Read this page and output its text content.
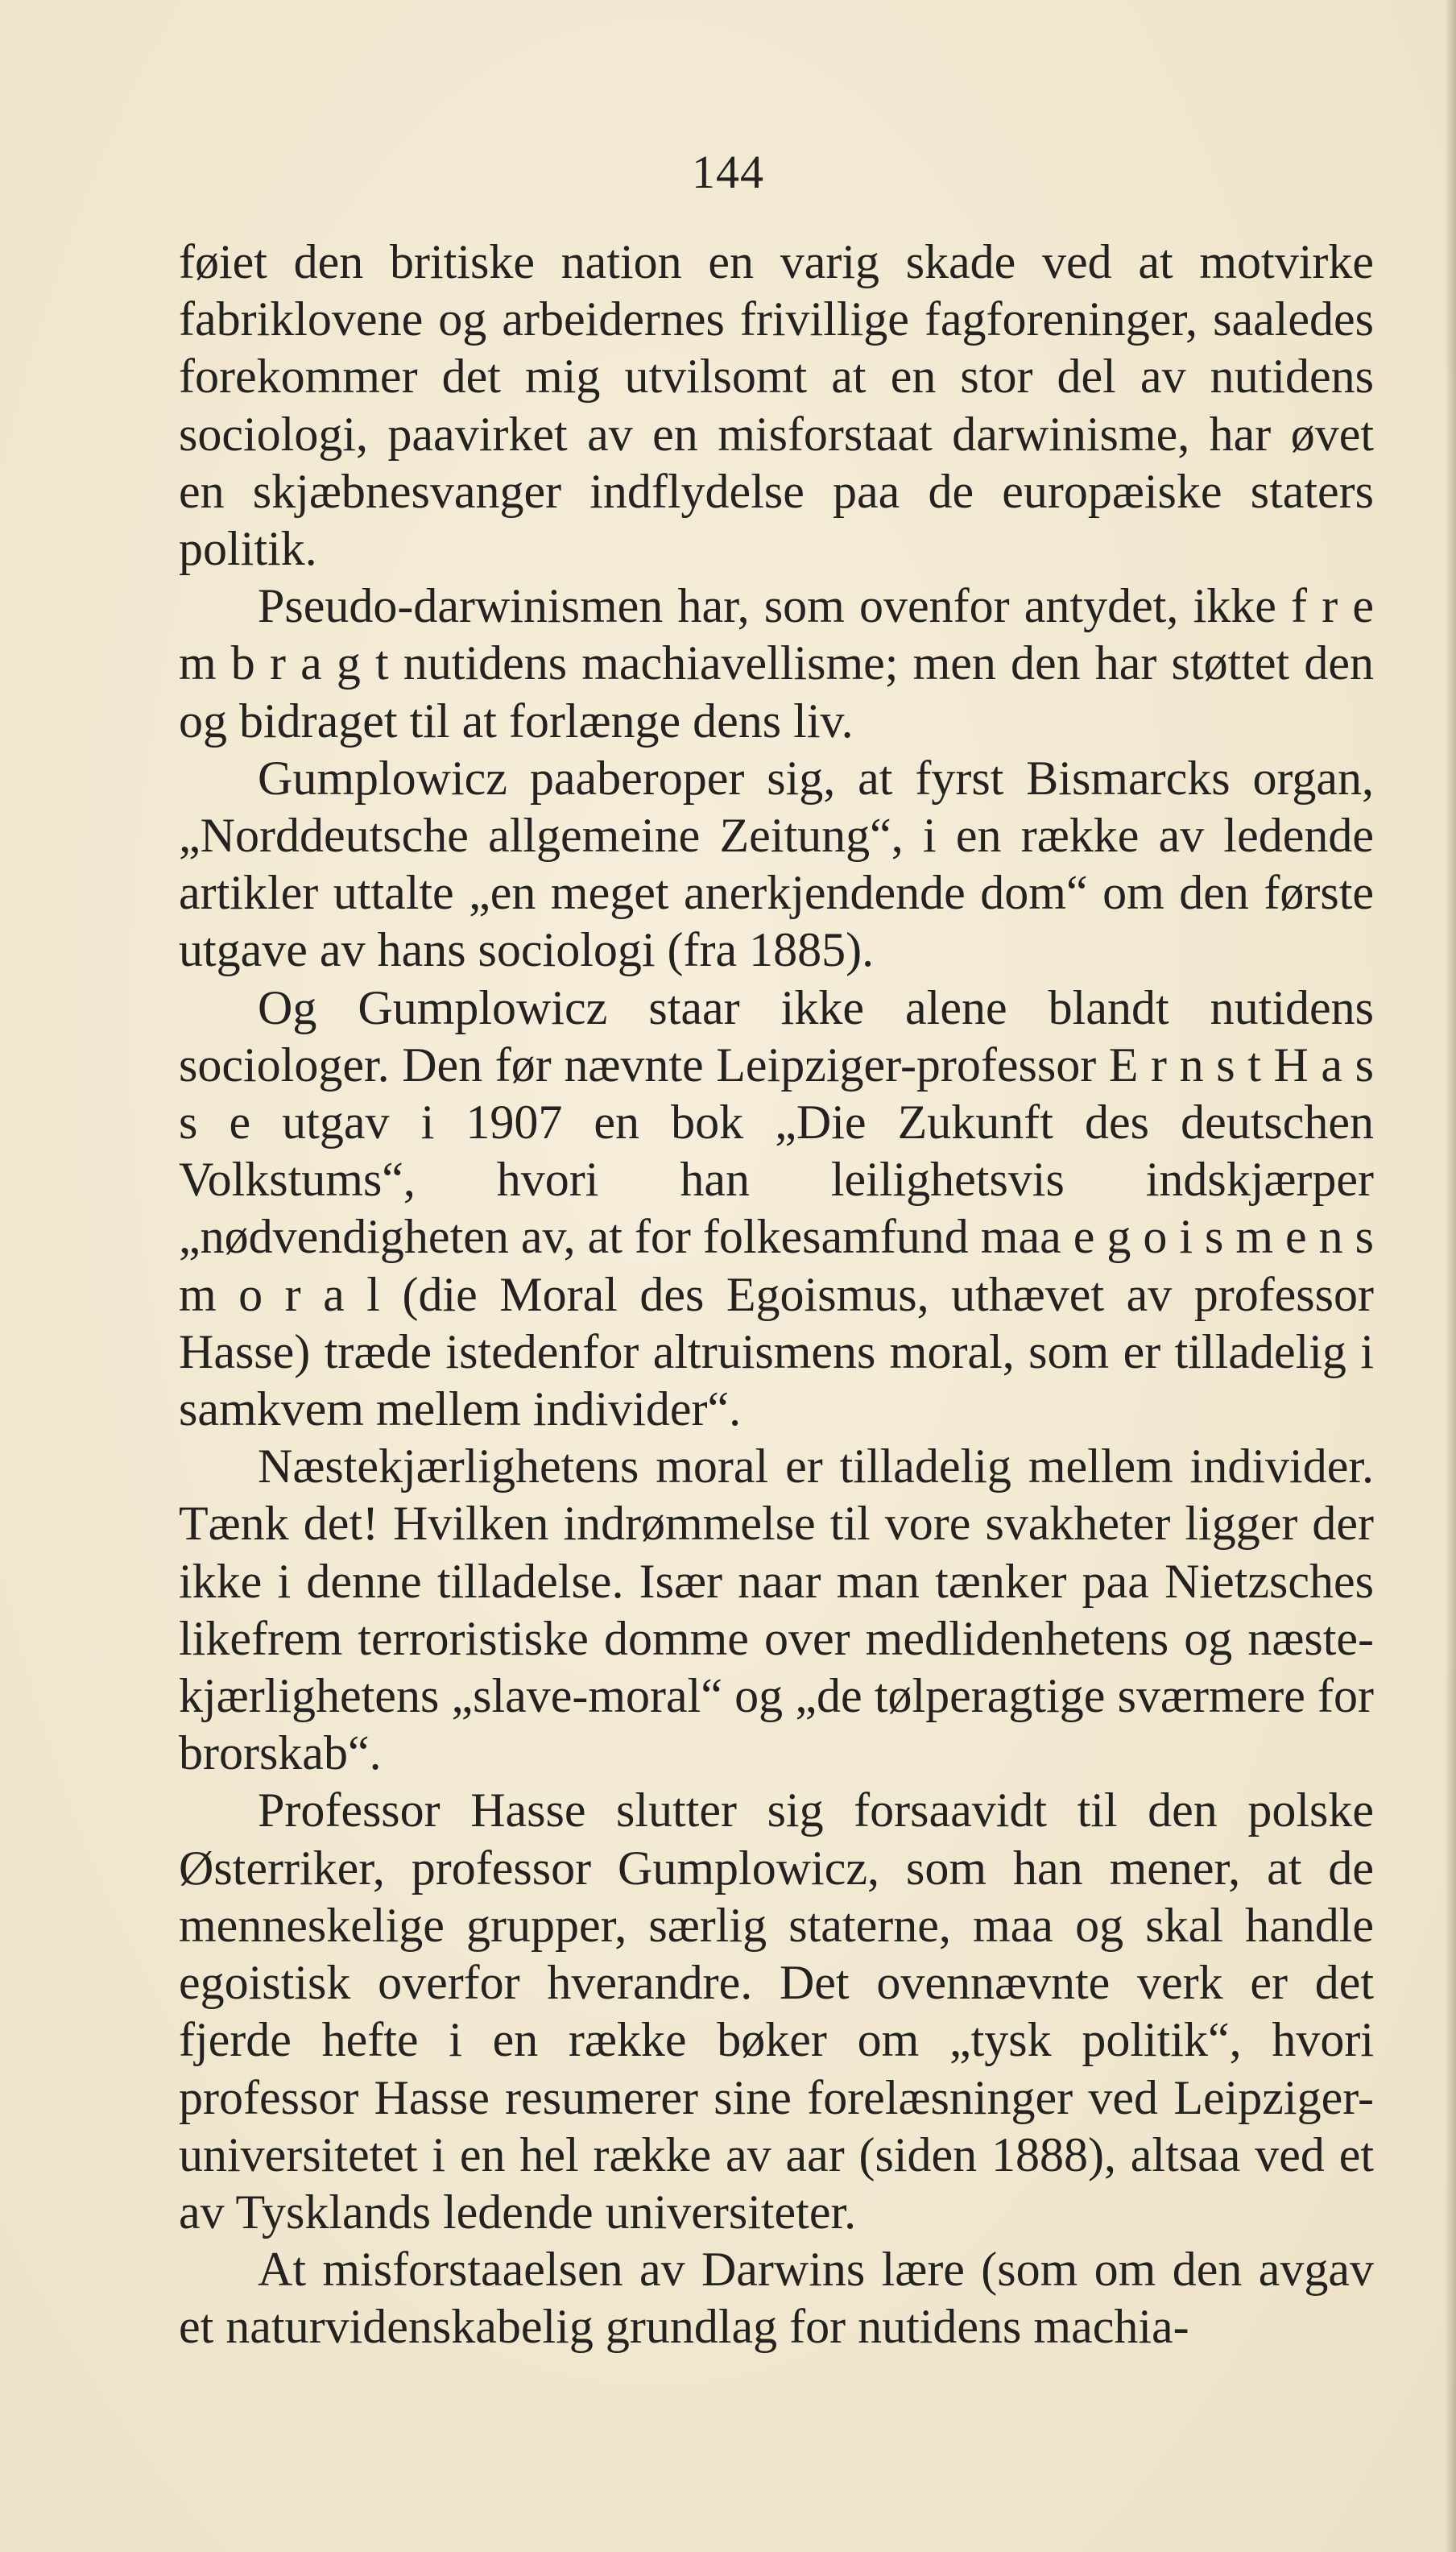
144

føiet den britiske nation en varig skade ved at motvirke fabriklovene og arbeidernes frivillige fagforeninger, saaledes forekommer det mig utvilsomt at en stor del av nutidens sociologi, paavirket av en misforstaat darwinisme, har øvet en skjæbnesvanger indflydelse paa de europæiske staters politik.

Pseudo-darwinismen har, som ovenfor antydet, ikke f r e m b r a g t nutidens machiavellisme; men den har støttet den og bidraget til at forlænge dens liv.

Gumplowicz paaberoper sig, at fyrst Bismarcks organ, „Norddeutsche allgemeine Zeitung“, i en række av ledende artikler uttalte „en meget anerkjendende dom“ om den første utgave av hans sociologi (fra 1885).

Og Gumplowicz staar ikke alene blandt nutidens sociologer. Den før nævnte Leipziger-professor E r n s t H a s s e utgav i 1907 en bok „Die Zukunft des deutschen Volkstums“, hvori han leilighetsvis indskjærper „nødvendigheten av, at for folkesamfund maa e g o i s m e n s m o r a l (die Moral des Egoismus, uthævet av professor Hasse) træde istedenfor altruismens moral, som er tilladelig i samkvem mellem individer“.

Næstekjærlighetens moral er tilladelig mellem individer. Tænk det! Hvilken indrømmelse til vore svakheter ligger der ikke i denne tilladelse. Især naar man tænker paa Nietzsches likefrem terroristiske domme over medlidenhetens og næste-kjærlighetens „slave-moral“ og „de tølperagtige sværmere for brorskab“.

Professor Hasse slutter sig forsaavidt til den polske Østerriker, professor Gumplowicz, som han mener, at de menneskelige grupper, særlig staterne, maa og skal handle egoistisk overfor hverandre. Det ovennævnte verk er det fjerde hefte i en række bøker om „tysk politik“, hvori professor Hasse resumerer sine forelæsninger ved Leipziger-universitetet i en hel række av aar (siden 1888), altsaa ved et av Tysklands ledende universiteter.

At misforstaaelsen av Darwins lære (som om den avgav et naturvidenskabelig grundlag for nutidens machia-
